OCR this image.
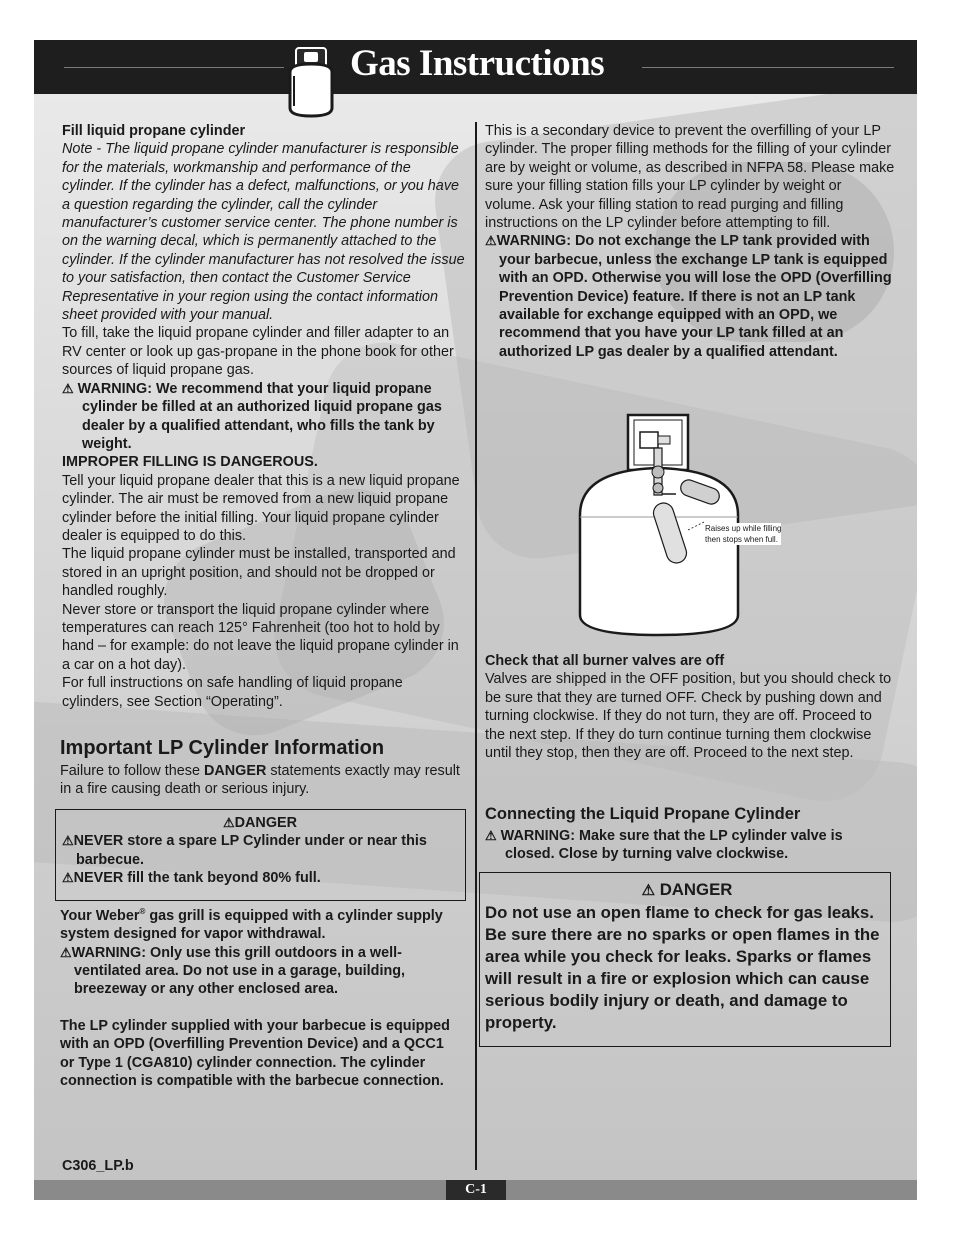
Gas Instructions

Fill liquid propane cylinder

Note - The liquid propane cylinder manufacturer is responsible for the materials, workmanship and performance of the cylinder. If the cylinder has a defect, malfunctions, or you have a question regarding the cylinder, call the cylinder manufacturer’s customer service center. The phone number is on the warning decal, which is permanently attached to the cylinder. If the cylinder manufacturer has not resolved the issue to your satisfaction, then contact the Customer Service Representative in your region using the contact information sheet provided with your manual.

To fill, take the liquid propane cylinder and filler adapter to an RV center or look up gas-propane in the phone book for other sources of liquid propane gas.

⚠ WARNING: We recommend that your liquid propane cylinder be filled at an authorized liquid propane gas dealer by a qualified attendant, who fills the tank by weight.

IMPROPER FILLING IS DANGEROUS.

Tell your liquid propane dealer that this is a new liquid propane cylinder. The air must be removed from a new liquid propane cylinder before the initial filling. Your liquid propane cylinder dealer is equipped to do this.

The liquid propane cylinder must be installed, transported and stored in an upright position, and should not be dropped or handled roughly.

Never store or transport the liquid propane cylinder where temperatures can reach 125° Fahrenheit (too hot to hold by hand – for example: do not leave the liquid propane cylinder in a car on a hot day).

For full instructions on safe handling of liquid propane cylinders, see Section “Operating”.

Important LP Cylinder Information

Failure to follow these DANGER statements exactly may result in a fire causing death or serious injury.

⚠DANGER

⚠NEVER store a spare LP Cylinder under or near this barbecue.

⚠NEVER fill the tank beyond 80% full.

Your Weber® gas grill is equipped with a cylinder supply system designed for vapor withdrawal.

⚠WARNING: Only use this grill outdoors in a well-ventilated area. Do not use in a garage, building, breezeway or any other enclosed area.

The LP cylinder supplied with your barbecue is equipped with an OPD (Overfilling Prevention Device) and a QCC1 or Type 1 (CGA810) cylinder connection. The cylinder connection is compatible with the barbecue connection.

C306_LP.b

This is a secondary device to prevent the overfilling of your LP cylinder. The proper filling methods for the filling of your cylinder are by weight or volume, as described in NFPA 58. Please make sure your filling station fills your LP cylinder by weight or volume. Ask your filling station to read purging and filling instructions on the LP cylinder before attempting to fill.

⚠WARNING: Do not exchange the LP tank provided with your barbecue, unless the exchange LP tank is equipped with an OPD. Otherwise you will lose the OPD (Overfilling Prevention Device) feature. If there is not an LP tank available for exchange equipped with an OPD, we recommend that you have your LP tank filled at an authorized LP gas dealer by a qualified attendant.

Raises up while filling
then stops when full.

Check that all burner valves are off

Valves are shipped in the OFF position, but you should check to be sure that they are turned OFF. Check by pushing down and turning clockwise. If they do not turn, they are off. Proceed to the next step. If they do turn continue turning them clockwise until they stop, then they are off. Proceed to the next step.

Connecting the Liquid Propane Cylinder

⚠ WARNING: Make sure that the LP cylinder valve is closed. Close by turning valve clockwise.

⚠ DANGER

Do not use an open flame to check for gas leaks. Be sure there are no sparks or open flames in the area while you check for leaks. Sparks or flames will result in a fire or explosion which can cause serious bodily injury or death, and damage to property.

C-1
